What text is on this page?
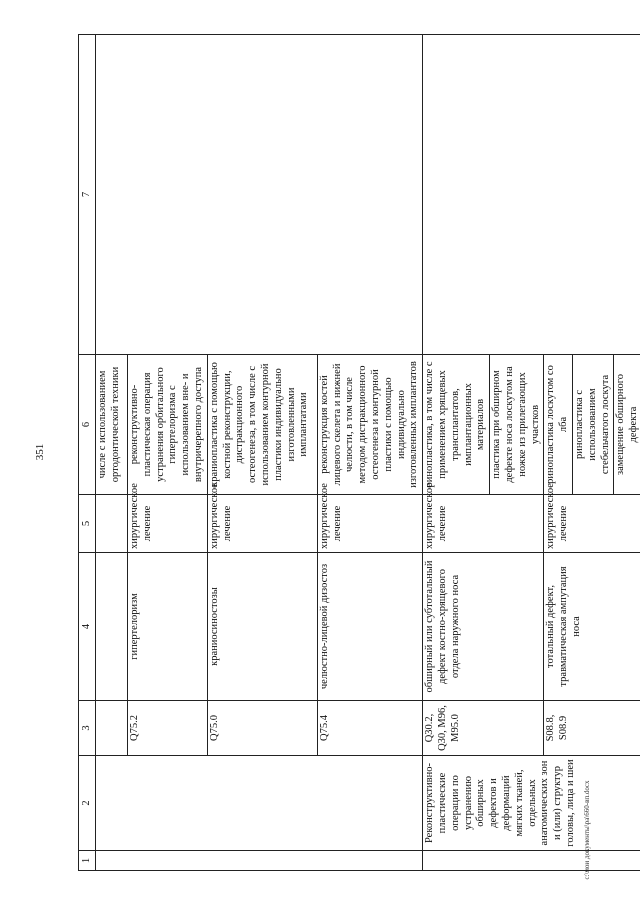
351
c:\мои документы\ра\660-вп.docx
1	2	3	4	5	6	7
					числе с использованием ортодонтической техники	
		Q75.2	гипертелоризм	хирургическое лечение	реконструктивно-пластическая операция устранения орбитального гипертелоризма с использованием вне- и внутричерепного доступа	
		Q75.0	краниосиностозы	хирургическое лечение	краниопластика с помощью костной реконструкции, дистракционного остеогенеза, в том числе с использованием контурной пластики индивидуально изготовленными имплантатами	
		Q75.4	челюстно-лицевой дизостоз	хирургическое лечение	реконструкция костей лицевого скелета и нижней челюсти, в том числе методом дистракционного остеогенеза и контурной пластики с помощью индивидуально изготовленных имплантатов	
	Реконструктивно-пластические операции по устранению обширных дефектов и деформаций мягких тканей, отдельных анатомических зон и (или) структур головы, лица и шеи	Q30.2, Q30, M96, M95.0	обширный или субтотальный дефект костно-хрящевого отдела наружного носа	хирургическое лечение	ринопластика, в том числе с применением хрящевых трансплантатов, имплантационных материалов	
					пластика при обширном дефекте носа лоскутом на ножке из прилегающих участков	
		S08.8, S08.9	тотальный дефект, травматическая ампутация носа	хирургическое лечение	ринопластика лоскутом со лба	
					ринопластика с использованием стебельчатого лоскута	
					замещение обширного дефекта	
